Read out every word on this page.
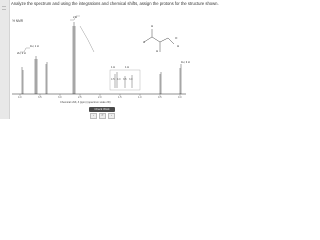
Analyze the spectrum and using the integrations and chemical shifts, assign the protons for the structure shown.
'H NMR
2 H
1H, 1 H
2H, 2 H
1 H	1 H
1H, 3 H
H
H
O
H
H
4.0	3.5	3.0	2.5	2.0	1.5	1.0	0.5	0.0
4.5 4.0 3.5 3.0
Chemical shift, δ (ppm) (spectrum scale 2D)
Check Work
‹	↺	›
